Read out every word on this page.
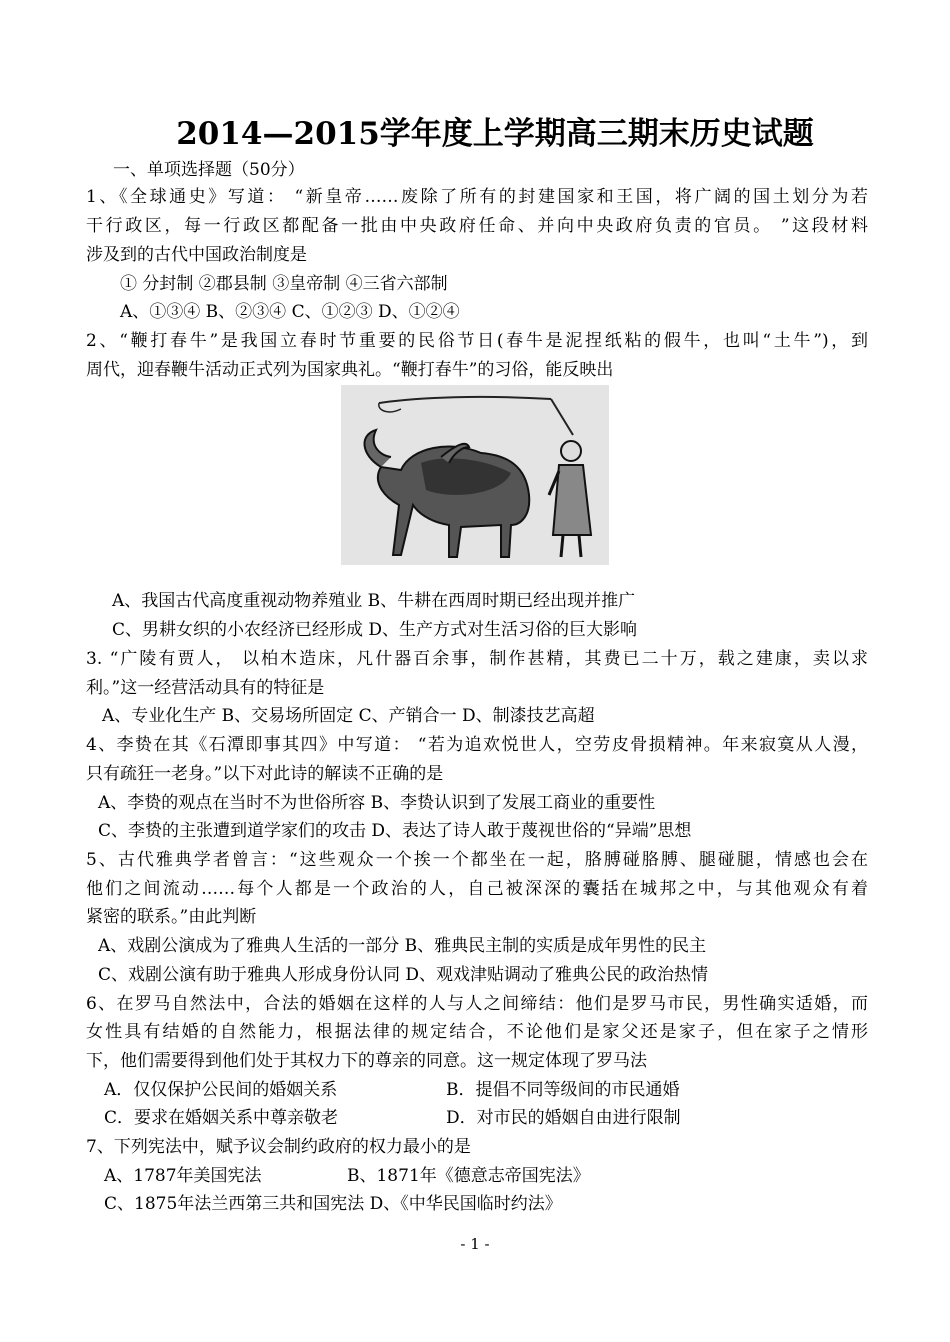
2014—2015学年度上学期高三期末历史试题
一、单项选择题（50分）
1、《全球通史》写道： “新皇帝……废除了所有的封建国家和王国，将广阔的国土划分为若
干行政区，每一行政区都配备一批由中央政府任命、并向中央政府负责的官员。 ”这段材料
涉及到的古代中国政治制度是
① 分封制 ②郡县制 ③皇帝制 ④三省六部制
A、①③④ B、②③④ C、①②③ D、①②④
2、“鞭打春牛”是我国立春时节重要的民俗节日(春牛是泥捏纸粘的假牛，也叫“土牛”)，到
周代，迎春鞭牛活动正式列为国家典礼。“鞭打春牛”的习俗，能反映出
A、我国古代高度重视动物养殖业 B、牛耕在西周时期已经出现并推广
C、男耕女织的小农经济已经形成 D、生产方式对生活习俗的巨大影响
3. “广陵有贾人， 以柏木造床，凡什器百余事，制作甚精，其费已二十万，载之建康，卖以求
利。”这一经营活动具有的特征是
A、专业化生产 B、交易场所固定 C、产销合一 D、制漆技艺高超
4、李贽在其《石潭即事其四》中写道： “若为追欢悦世人，空劳皮骨损精神。年来寂寞从人漫，
只有疏狂一老身。”以下对此诗的解读不正确的是
A、李贽的观点在当时不为世俗所容 B、李贽认识到了发展工商业的重要性
C、李贽的主张遭到道学家们的攻击 D、表达了诗人敢于蔑视世俗的“异端”思想
5、古代雅典学者曾言：“这些观众一个挨一个都坐在一起，胳膊碰胳膊、腿碰腿，情感也会在
他们之间流动……每个人都是一个政治的人，自己被深深的囊括在城邦之中，与其他观众有着
紧密的联系。”由此判断
A、戏剧公演成为了雅典人生活的一部分 B、雅典民主制的实质是成年男性的民主
C、戏剧公演有助于雅典人形成身份认同 D、观戏津贴调动了雅典公民的政治热情
6、在罗马自然法中，合法的婚姻在这样的人与人之间缔结：他们是罗马市民，男性确实适婚，而
女性具有结婚的自然能力，根据法律的规定结合，不论他们是家父还是家子，但在家子之情形
下，他们需要得到他们处于其权力下的尊亲的同意。这一规定体现了罗马法
A．仅仅保护公民间的婚姻关系	B．提倡不同等级间的市民通婚
C．要求在婚姻关系中尊亲敬老	D．对市民的婚姻自由进行限制
7、下列宪法中，赋予议会制约政府的权力最小的是
A、1787年美国宪法	B、1871年《德意志帝国宪法》
C、1875年法兰西第三共和国宪法 D、《中华民国临时约法》
- 1 -
